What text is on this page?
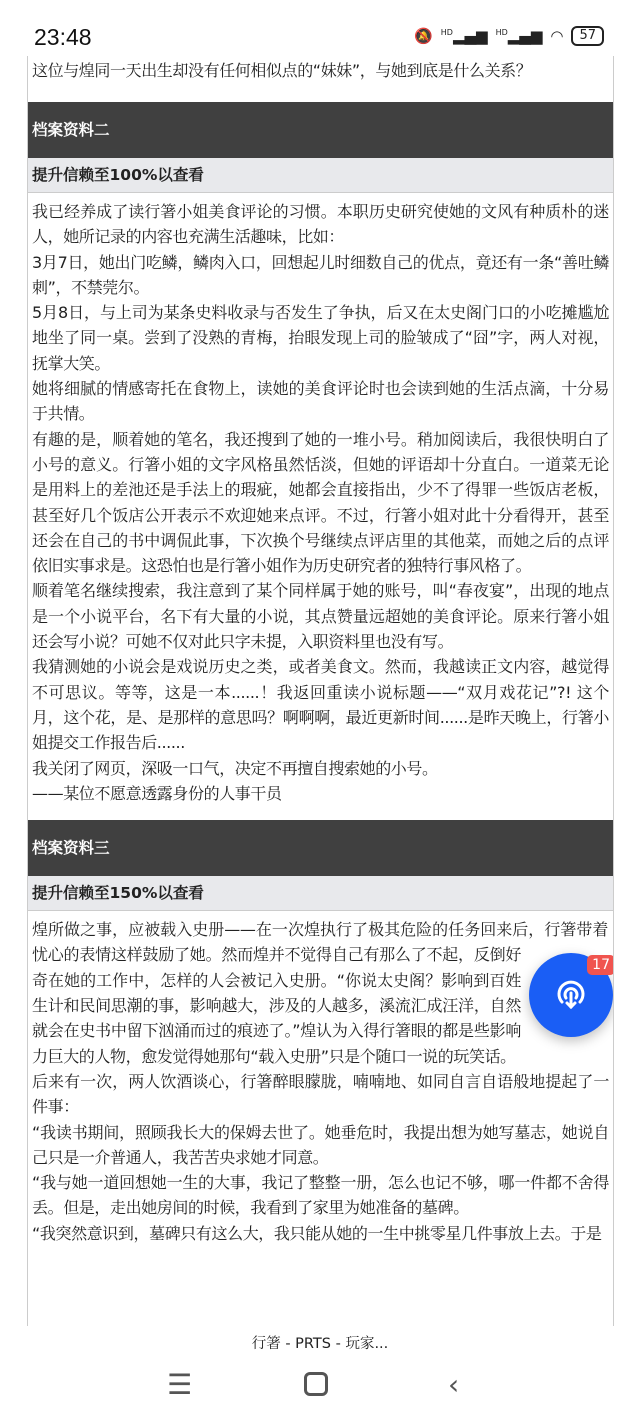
23:48	🔕 $^{HD}$▂▄▆ $^{HD}$▂▄▆ ◠	57
这位与煌同一天出生却没有任何相似点的“妹妹”，与她到底是什么关系？
档案资料二
提升信赖至100%以查看

我已经养成了读行箸小姐美食评论的习惯。本职历史研究使她的文风有种质朴的迷人，她所记录的内容也充满生活趣味，比如：

3月7日，她出门吃鳞，鳞肉入口，回想起儿时细数自己的优点，竟还有一条“善吐鳞刺”，不禁莞尔。

5月8日，与上司为某条史料收录与否发生了争执，后又在太史阁门口的小吃摊尴尬地坐了同一桌。尝到了没熟的青梅，抬眼发现上司的脸皱成了“囧”字，两人对视，抚掌大笑。

她将细腻的情感寄托在食物上，读她的美食评论时也会读到她的生活点滴，十分易于共情。

有趣的是，顺着她的笔名，我还搜到了她的一堆小号。稍加阅读后，我很快明白了小号的意义。行箸小姐的文字风格虽然恬淡，但她的评语却十分直白。一道菜无论是用料上的差池还是手法上的瑕疵，她都会直接指出，少不了得罪一些饭店老板，甚至好几个饭店公开表示不欢迎她来点评。不过，行箸小姐对此十分看得开，甚至还会在自己的书中调侃此事，下次换个号继续点评店里的其他菜，而她之后的点评依旧实事求是。这恐怕也是行箸小姐作为历史研究者的独特行事风格了。

顺着笔名继续搜索，我注意到了某个同样属于她的账号，叫“春夜宴”，出现的地点是一个小说平台，名下有大量的小说，其点赞量远超她的美食评论。原来行箸小姐还会写小说？可她不仅对此只字未提，入职资料里也没有写。

我猜测她的小说会是戏说历史之类，或者美食文。然而，我越读正文内容，越觉得不可思议。等等，这是一本......！我返回重读小说标题——“双月戏花记”?! 这个月，这个花，是、是那样的意思吗？啊啊啊，最近更新时间......是昨天晚上，行箸小姐提交工作报告后......

我关闭了网页，深吸一口气，决定不再擅自搜索她的小号。

——某位不愿意透露身份的人事干员

档案资料三
提升信赖至150%以查看
17

煌所做之事，应被载入史册——在一次煌执行了极其危险的任务回来后，行箸带着忧心的表情这样鼓励了她。然而煌并不觉得自己有那么了不起，反倒好奇在她的工作中，怎样的人会被记入史册。“你说太史阁？影响到百姓生计和民间思潮的事，影响越大，涉及的人越多，溪流汇成汪洋，自然就会在史书中留下汹涌而过的痕迹了。”煌认为入得行箸眼的都是些影响力巨大的人物，愈发觉得她那句“载入史册”只是个随口一说的玩笑话。

后来有一次，两人饮酒谈心，行箸醉眼朦胧，喃喃地、如同自言自语般地提起了一件事：

“我读书期间，照顾我长大的保姆去世了。她垂危时，我提出想为她写墓志，她说自己只是一介普通人，我苦苦央求她才同意。

“我与她一道回想她一生的大事，我记了整整一册，怎么也记不够，哪一件都不舍得丢。但是，走出她房间的时候，我看到了家里为她准备的墓碑。

“我突然意识到，墓碑只有这么大，我只能从她的一生中挑零星几件事放上去。于是

行箸 - PRTS - 玩家...
☰	‹
